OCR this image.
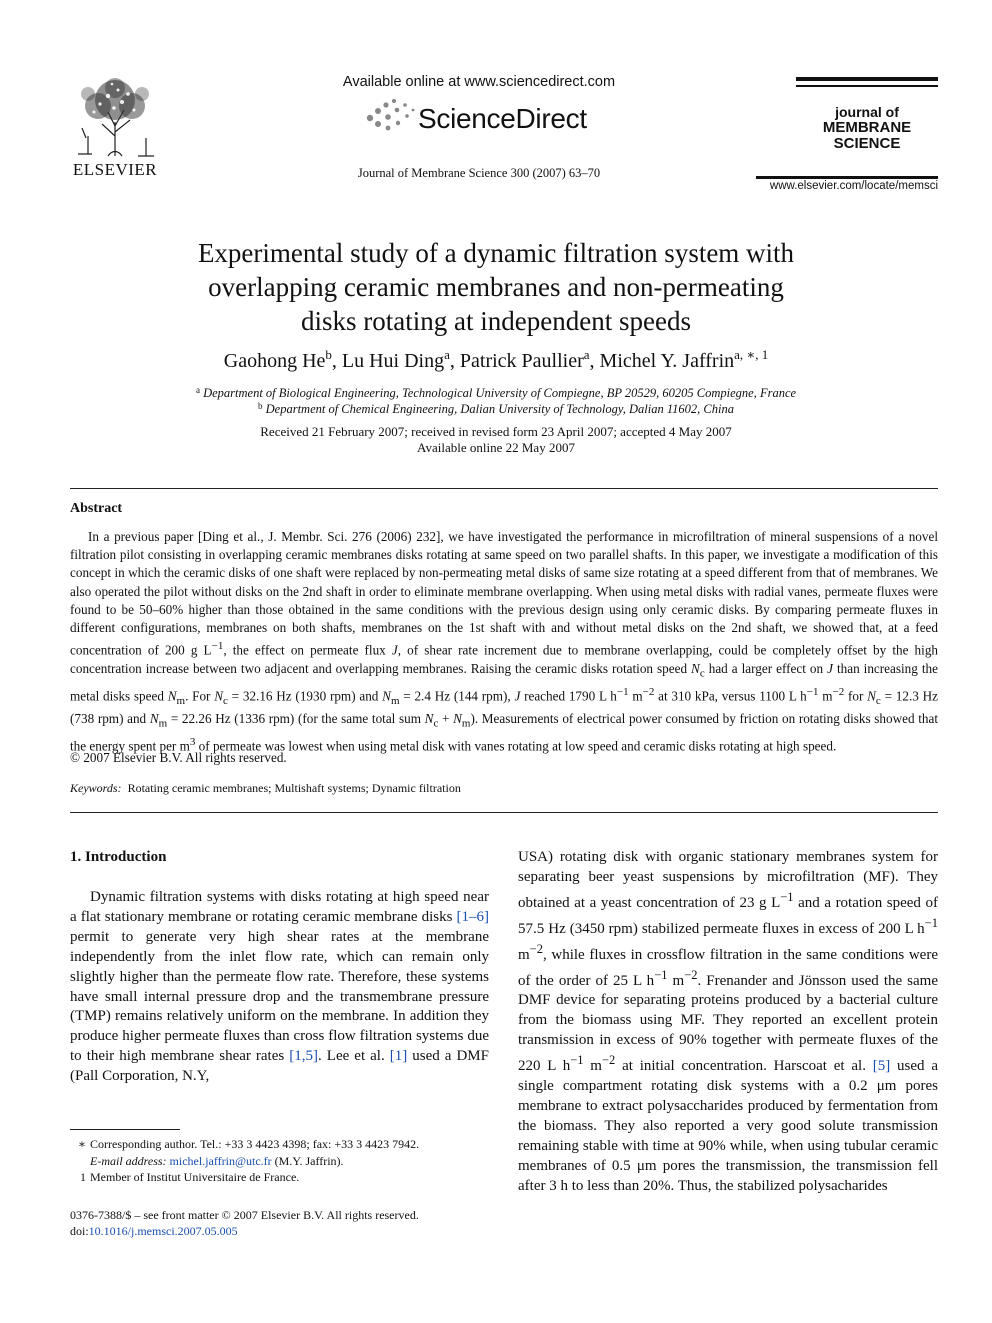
ELSEVIER
Available online at www.sciencedirect.com
ScienceDirect
Journal of Membrane Science 300 (2007) 63–70
journal of
MEMBRANE
SCIENCE
www.elsevier.com/locate/memsci
Experimental study of a dynamic filtration system with
overlapping ceramic membranes and non-permeating
disks rotating at independent speeds
Gaohong He$^b$, Lu Hui Ding$^a$, Patrick Paullier$^a$, Michel Y. Jaffrin$^{a, ∗, 1}$
$^a$ Department of Biological Engineering, Technological University of Compiegne, BP 20529, 60205 Compiegne, France
$^b$ Department of Chemical Engineering, Dalian University of Technology, Dalian 11602, China
Received 21 February 2007; received in revised form 23 April 2007; accepted 4 May 2007
Available online 22 May 2007
Abstract
In a previous paper [Ding et al., J. Membr. Sci. 276 (2006) 232], we have investigated the performance in microfiltration of mineral suspensions of a novel filtration pilot consisting in overlapping ceramic membranes disks rotating at same speed on two parallel shafts. In this paper, we investigate a modification of this concept in which the ceramic disks of one shaft were replaced by non-permeating metal disks of same size rotating at a speed different from that of membranes. We also operated the pilot without disks on the 2nd shaft in order to eliminate membrane overlapping. When using metal disks with radial vanes, permeate fluxes were found to be 50–60% higher than those obtained in the same conditions with the previous design using only ceramic disks. By comparing permeate fluxes in different configurations, membranes on both shafts, membranes on the 1st shaft with and without metal disks on the 2nd shaft, we showed that, at a feed concentration of 200 g $L^{-1}$, the effect on permeate flux J, of shear rate increment due to membrane overlapping, could be completely offset by the high concentration increase between two adjacent and overlapping membranes. Raising the ceramic disks rotation speed $N_c$ had a larger effect on J than increasing the metal disks speed $N_m$. For $N_c = 32.16$ Hz (1930 rpm) and $N_m = 2.4$ Hz (144 rpm), J reached 1790 L $h^{-1}$ $m^{-2}$ at 310 kPa, versus 1100 L $h^{-1}$ $m^{-2}$ for $N_c = 12.3$ Hz (738 rpm) and $N_m = 22.26$ Hz (1336 rpm) (for the same total sum $N_c + N_m$). Measurements of electrical power consumed by friction on rotating disks showed that the energy spent per $m^3$ of permeate was lowest when using metal disk with vanes rotating at low speed and ceramic disks rotating at high speed.
© 2007 Elsevier B.V. All rights reserved.
Keywords: Rotating ceramic membranes; Multishaft systems; Dynamic filtration
1. Introduction
Dynamic filtration systems with disks rotating at high speed near a flat stationary membrane or rotating ceramic membrane disks [1–6] permit to generate very high shear rates at the membrane independently from the inlet flow rate, which can remain only slightly higher than the permeate flow rate. Therefore, these systems have small internal pressure drop and the transmembrane pressure (TMP) remains relatively uniform on the membrane. In addition they produce higher permeate fluxes than cross flow filtration systems due to their high membrane shear rates [1,5]. Lee et al. [1] used a DMF (Pall Corporation, N.Y,
USA) rotating disk with organic stationary membranes system for separating beer yeast suspensions by microfiltration (MF). They obtained at a yeast concentration of 23 g $L^{-1}$ and a rotation speed of 57.5 Hz (3450 rpm) stabilized permeate fluxes in excess of 200 L $h^{-1}$ $m^{-2}$, while fluxes in crossflow filtration in the same conditions were of the order of 25 L $h^{-1}$ $m^{-2}$. Frenander and Jönsson used the same DMF device for separating proteins produced by a bacterial culture from the biomass using MF. They reported an excellent protein transmission in excess of 90% together with permeate fluxes of the 220 L $h^{-1}$ $m^{-2}$ at initial concentration. Harscoat et al. [5] used a single compartment rotating disk systems with a 0.2 μm pores membrane to extract polysaccharides produced by fermentation from the biomass. They also reported a very good solute transmission remaining stable with time at 90% while, when using tubular ceramic membranes of 0.5 μm pores the transmission, the transmission fell after 3 h to less than 20%. Thus, the stabilized polysacharides
∗ Corresponding author. Tel.: +33 3 4423 4398; fax: +33 3 4423 7942.
E-mail address: michel.jaffrin@utc.fr (M.Y. Jaffrin).
1 Member of Institut Universitaire de France.
0376-7388/$ – see front matter © 2007 Elsevier B.V. All rights reserved.
doi:10.1016/j.memsci.2007.05.005
